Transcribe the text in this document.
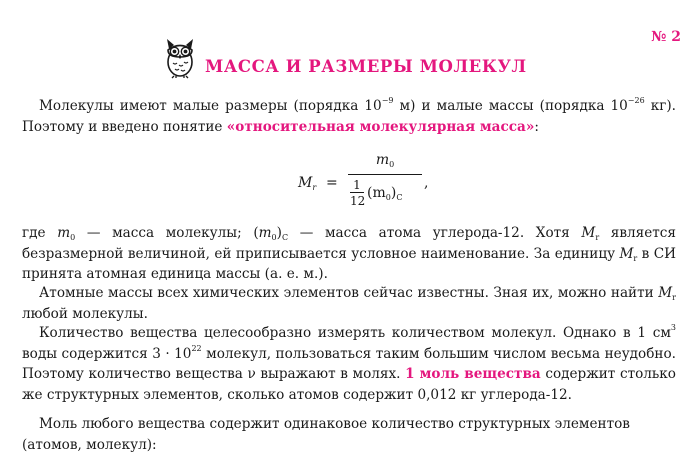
№ 2
МАССА И РАЗМЕРЫ МОЛЕКУЛ
Молекулы имеют малые размеры (порядка $10^{-9}$ м) и малые массы (порядка $10^{-26}$ кг). Поэтому и введено понятие «относительная молекулярная масса»:
$M_r$ =
$m_0$
1
12 $(m_0)_C$
,
где $m_0$ — масса молекулы; $(m_0)_C$ — масса атома углерода-12. Хотя $M_r$ является безразмерной величиной, ей приписывается условное наименование. За единицу $M_r$ в СИ принята атомная единица массы (а. е. м.).
Атомные массы всех химических элементов сейчас известны. Зная их, можно найти $M_r$ любой молекулы.
Количество вещества целесообразно измерять количеством молекул. Однако в 1 $см^3$ воды содержится $3 \cdot 10^{22}$ молекул, пользоваться таким большим числом весьма неудобно. Поэтому количество вещества ν выражают в молях. 1 моль вещества содержит столько же структурных элементов, сколько атомов содержит 0,012 кг углерода-12.
Моль любого вещества содержит одинаковое количество структурных элементов (атомов, молекул):
